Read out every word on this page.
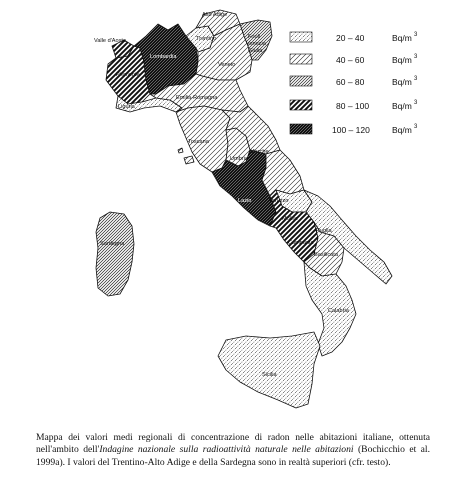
Valle d'Aosta
Piemonte
Liguria
Lombardia
Trentino
Alto Adige
Veneto
Friuli
Venezia
Giulia
Emilia-Romagna
Toscana
Umbria
Marche
Lazio	Abruzzo
Molise
Campania
Puglia
Basilicata
Calabria
Sicilia
Sardegna
20 – 40	Bq/m 3
40 – 60	Bq/m 3
60 – 80	Bq/m 3
80 – 100	Bq/m 3
100 – 120	Bq/m 3
Mappa dei valori medi regionali di concentrazione di radon nelle abitazioni italiane, ottenuta nell'ambito dell'Indagine nazionale sulla radioattività naturale nelle abitazioni (Bochicchio et al. 1999a). I valori del Trentino-Alto Adige e della Sardegna sono in realtà superiori (cfr. testo).
